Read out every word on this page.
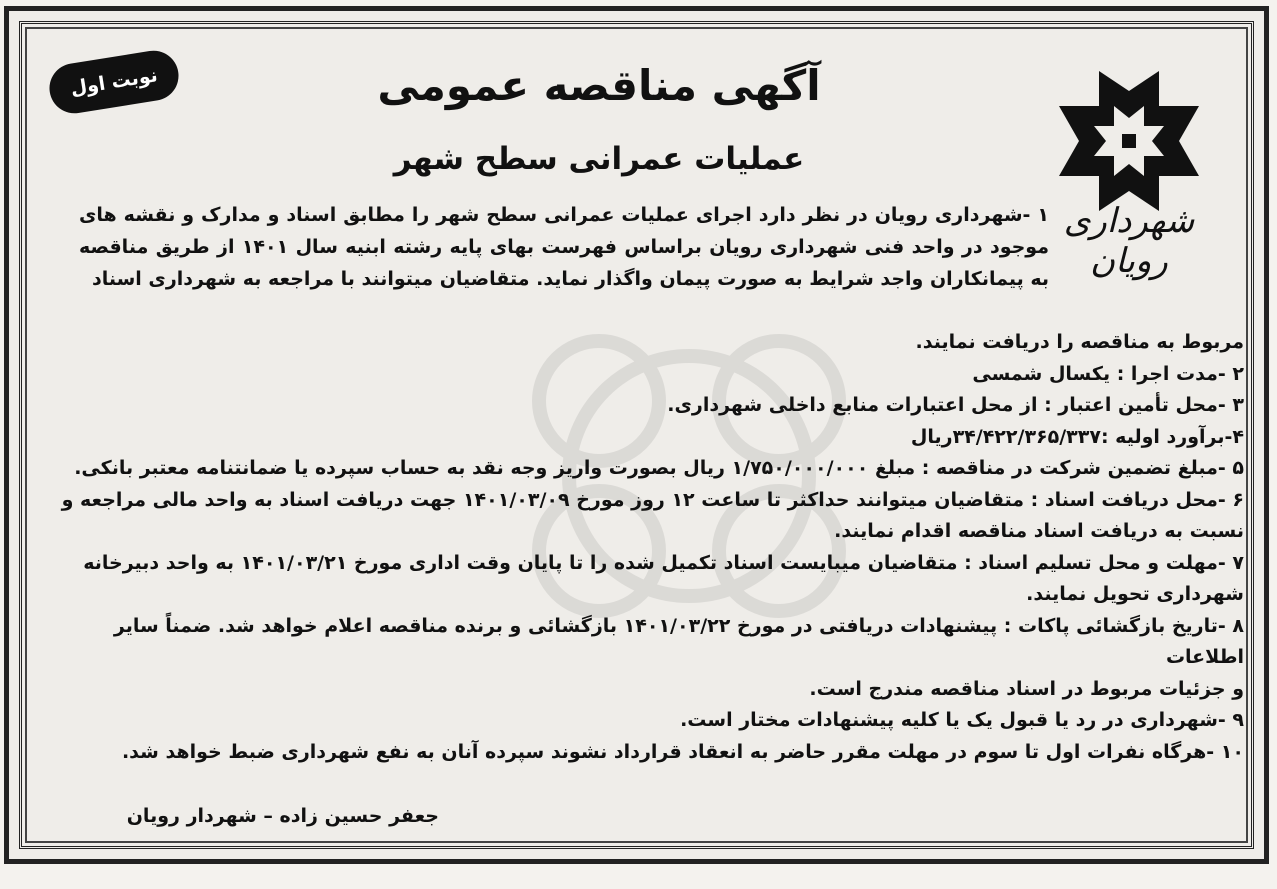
نوبت اول	آگهی مناقصه عمومی
عملیات عمرانی سطح شهر
شهرداری رویان

۱ -شهرداری رویان در نظر دارد اجرای عملیات عمرانی سطح شهر را مطابق اسناد و مدارک و نقشه های موجود در واحد فنی شهرداری رویان براساس فهرست بهای پایه رشته ابنیه سال ۱۴۰۱ از طریق مناقصه به پیمانکاران واجد شرایط به صورت پیمان واگذار نماید. متقاضیان میتوانند با مراجعه به شهرداری اسناد

مربوط به مناقصه را دریافت نمایند.

۲ -مدت اجرا : یکسال شمسی

۳ -محل تأمین اعتبار : از محل اعتبارات منابع داخلی شهرداری.

۴-برآورد اولیه :۳۴/۴۲۲/۳۶۵/۳۳۷ریال

۵ -مبلغ تضمین شرکت در مناقصه : مبلغ ۱/۷۵۰/۰۰۰/۰۰۰ ریال بصورت واریز وجه نقد به حساب سپرده یا ضمانتنامه معتبر بانکی.

۶ -محل دریافت اسناد : متقاضیان میتوانند حداکثر تا ساعت ۱۲ روز مورخ ۱۴۰۱/۰۳/۰۹ جهت دریافت اسناد به واحد مالی مراجعه و

نسبت به دریافت اسناد مناقصه اقدام نمایند.

۷ -مهلت و محل تسلیم اسناد : متقاضیان میبایست اسناد تکمیل شده را تا پایان وقت اداری مورخ ۱۴۰۱/۰۳/۲۱ به واحد دبیرخانه

شهرداری تحویل نمایند.

۸ -تاریخ بازگشائی پاکات : پیشنهادات دریافتی در مورخ ۱۴۰۱/۰۳/۲۲ بازگشائی و برنده مناقصه اعلام خواهد شد. ضمناً سایر اطلاعات

و جزئیات مربوط در اسناد مناقصه مندرج است.

۹ -شهرداری در رد یا قبول یک یا کلیه پیشنهادات مختار است.

۱۰ -هرگاه نفرات اول تا سوم در مهلت مقرر حاضر به انعقاد قرارداد نشوند سپرده آنان به نفع شهرداری ضبط خواهد شد.

جعفر حسین زاده – شهردار رویان
